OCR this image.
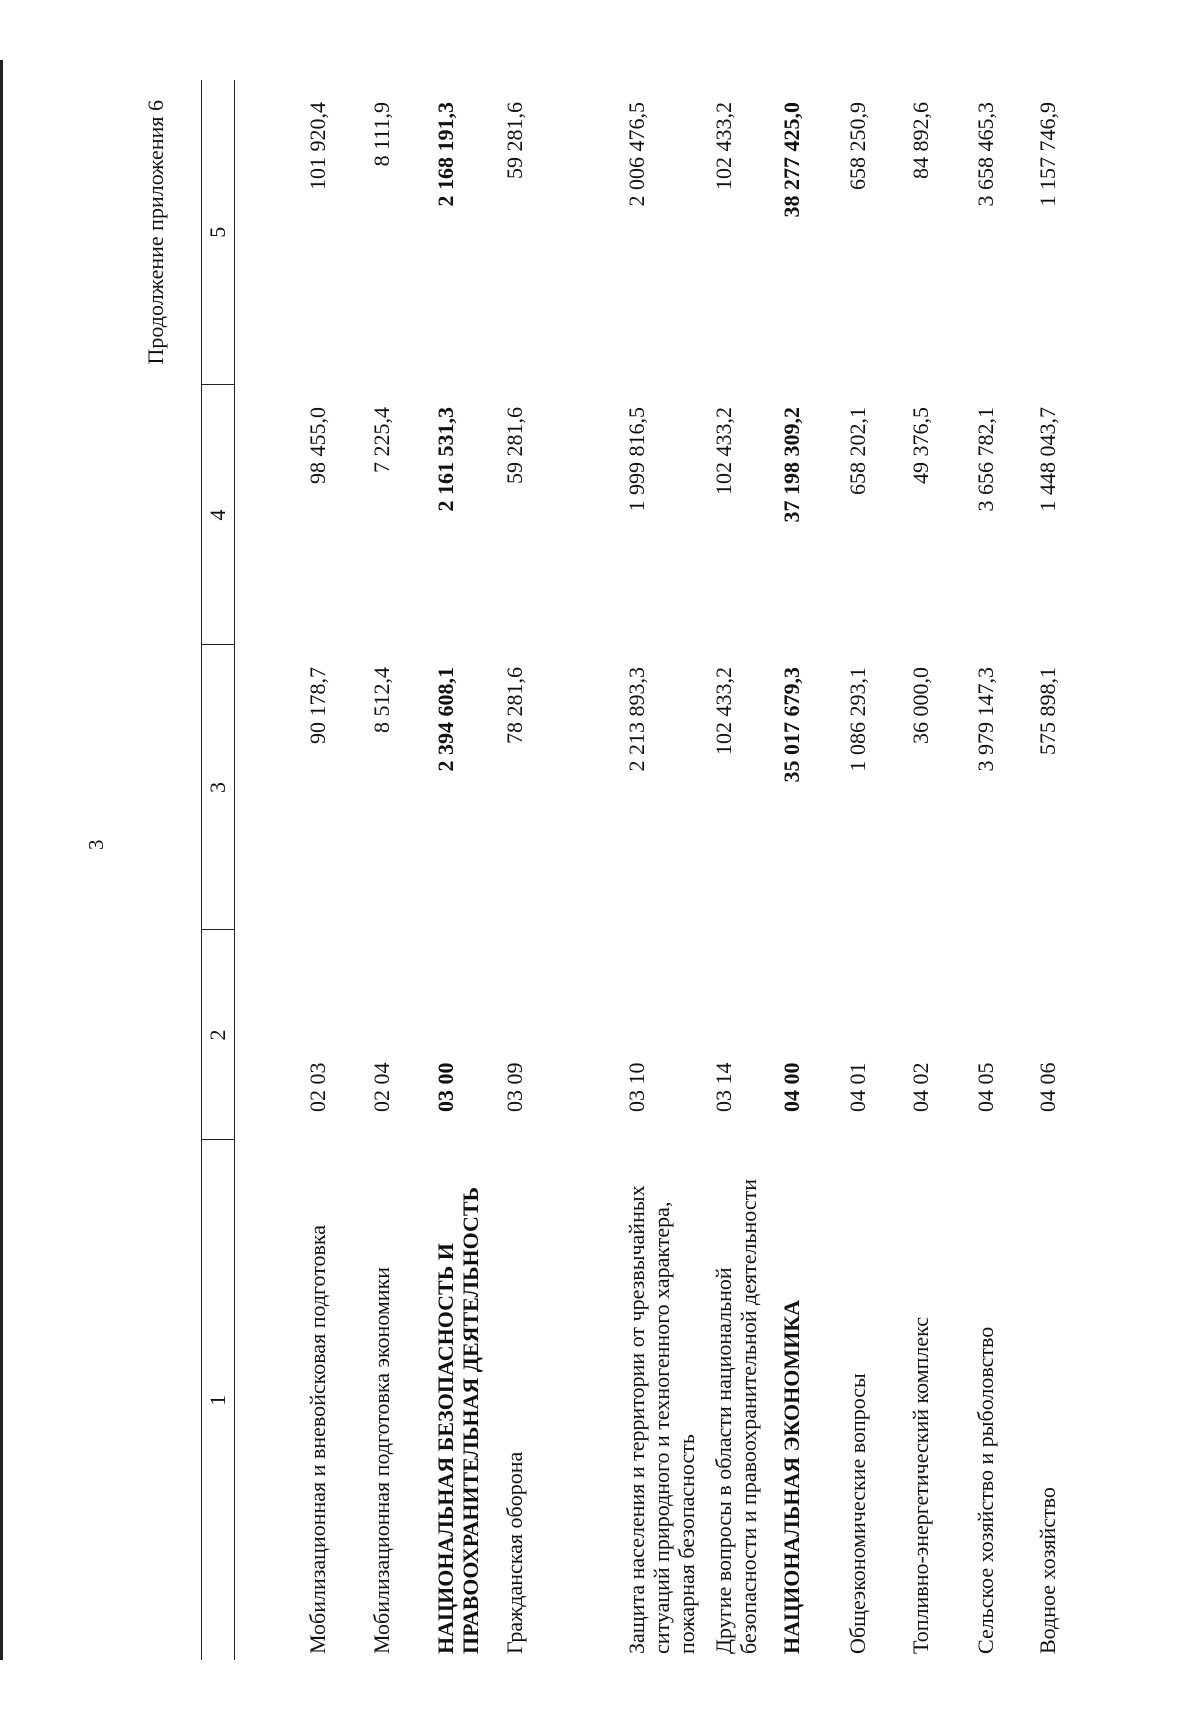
3
Продолжение приложения 6
1	2	3	4	5

Мобилизационная и вневойсковая подготовка	02 03	90 178,7	98 455,0	101 920,4
Мобилизационная подготовка экономики	02 04	8 512,4	7 225,4	8 111,9
НАЦИОНАЛЬНАЯ БЕЗОПАСНОСТЬ И ПРАВООХРАНИТЕЛЬНАЯ ДЕЯТЕЛЬНОСТЬ	03 00	2 394 608,1	2 161 531,3	2 168 191,3
Гражданская оборона	03 09	78 281,6	59 281,6	59 281,6
Защита населения и территории от чрезвычайных ситуаций природного и техногенного характера, пожарная безопасность	03 10	2 213 893,3	1 999 816,5	2 006 476,5
Другие вопросы в области национальной безопасности и правоохранительной деятельности	03 14	102 433,2	102 433,2	102 433,2
НАЦИОНАЛЬНАЯ ЭКОНОМИКА	04 00	35 017 679,3	37 198 309,2	38 277 425,0
Общеэкономические вопросы	04 01	1 086 293,1	658 202,1	658 250,9
Топливно-энергетический комплекс	04 02	36 000,0	49 376,5	84 892,6
Сельское хозяйство и рыболовство	04 05	3 979 147,3	3 656 782,1	3 658 465,3
Водное хозяйство	04 06	575 898,1	1 448 043,7	1 157 746,9
